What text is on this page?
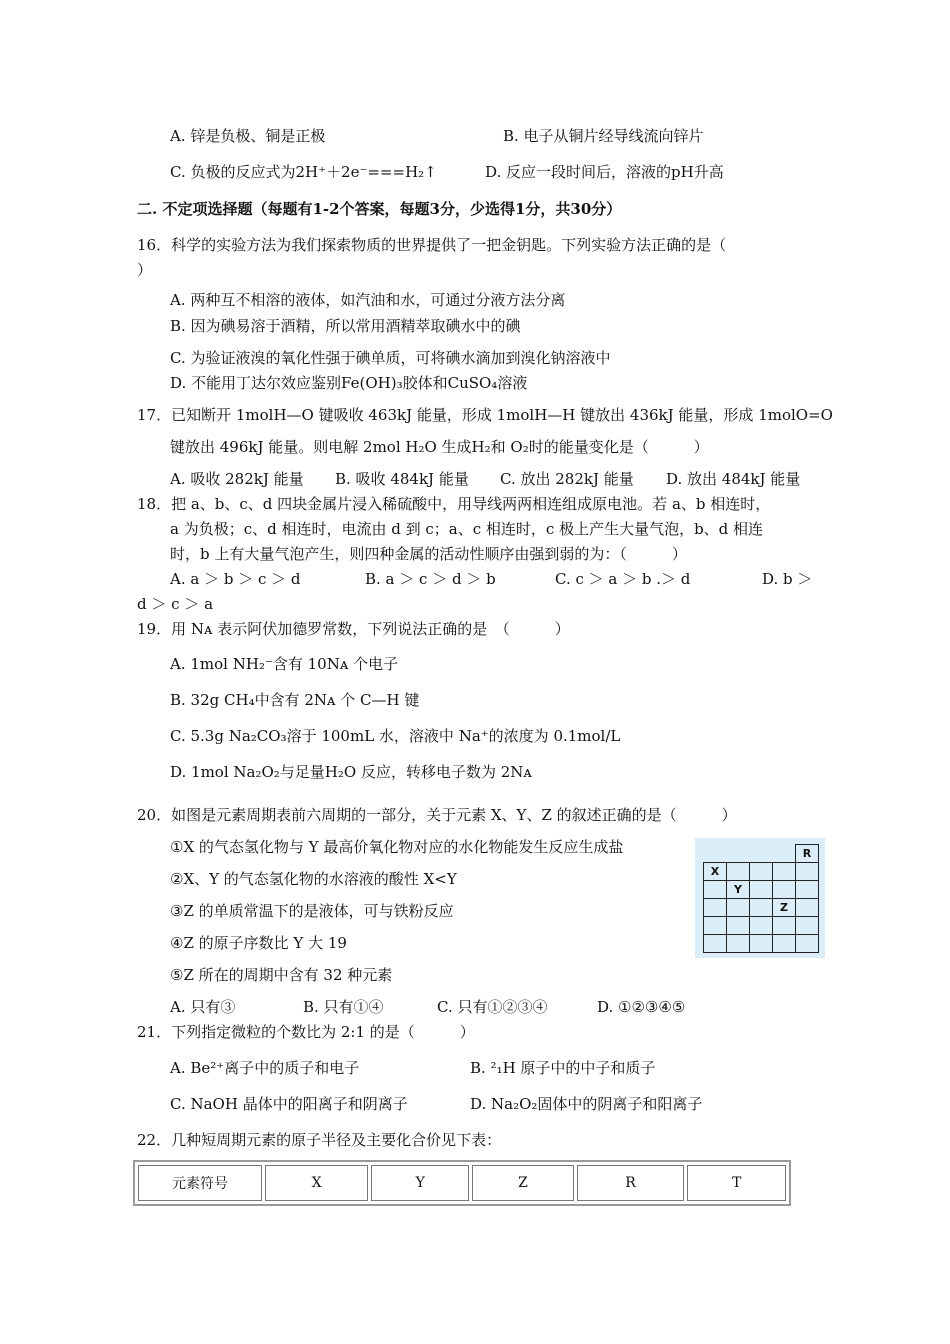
A. 锌是负极、铜是正极	B. 电子从铜片经导线流向锌片
C. 负极的反应式为2H⁺＋2e⁻===H₂↑	D. 反应一段时间后，溶液的pH升高
二. 不定项选择题（每题有1-2个答案，每题3分，少选得1分，共30分）
16．科学的实验方法为我们探索物质的世界提供了一把金钥匙。下列实验方法正确的是（
）
A. 两种互不相溶的液体，如汽油和水，可通过分液方法分离
B. 因为碘易溶于酒精，所以常用酒精萃取碘水中的碘
C. 为验证液溴的氧化性强于碘单质，可将碘水滴加到溴化钠溶液中
D. 不能用丁达尔效应鉴别Fe(OH)₃胶体和CuSO₄溶液
17．已知断开 1molH—O 键吸收 463kJ 能量，形成 1molH—H 键放出 436kJ 能量，形成 1molO=O
键放出 496kJ 能量。则电解 2mol H₂O 生成H₂和 O₂时的能量变化是（　　　）
A. 吸收 282kJ 能量 B. 吸收 484kJ 能量 C. 放出 282kJ 能量 D. 放出 484kJ 能量
18．把 a、b、c、d 四块金属片浸入稀硫酸中，用导线两两相连组成原电池。若 a、b 相连时，
a 为负极；c、d 相连时，电流由 d 到 c；a、c 相连时，c 极上产生大量气泡，b、d 相连
时，b 上有大量气泡产生，则四种金属的活动性顺序由强到弱的为：（　　　）
A. a ＞ b ＞ c ＞ d	B. a ＞ c ＞ d ＞ b	C. c ＞ a ＞ b .＞ d	D. b ＞
d ＞ c ＞ a
19．用 Nᴀ 表示阿伏加德罗常数，下列说法正确的是　（　　　）
A. 1mol NH₂⁻含有 10Nᴀ 个电子
B. 32g CH₄中含有 2Nᴀ 个 C—H 键
C. 5.3g Na₂CO₃溶于 100mL 水，溶液中 Na⁺的浓度为 0.1mol/L
D. 1mol Na₂O₂与足量H₂O 反应，转移电子数为 2Nᴀ
20．如图是元素周期表前六周期的一部分，关于元素 X、Y、Z 的叙述正确的是（　　　）
①X 的气态氢化物与 Y 最高价氧化物对应的水化物能发生反应生成盐
②X、Y 的气态氢化物的水溶液的酸性 X<Y
③Z 的单质常温下的是液体，可与铁粉反应
④Z 的原子序数比 Y 大 19
⑤Z 所在的周期中含有 32 种元素
A. 只有③	B. 只有①④	C. 只有①②③④	D. ①②③④⑤
				R
X				
	Y			
			Z	

21．下列指定微粒的个数比为 2:1 的是（　　　）
A. Be²⁺离子中的质子和电子	B. ²₁H 原子中的中子和质子
C. NaOH 晶体中的阳离子和阴离子	D. Na₂O₂固体中的阴离子和阳离子
22．几种短周期元素的原子半径及主要化合价见下表：
元素符号	X	Y	Z	R	T
